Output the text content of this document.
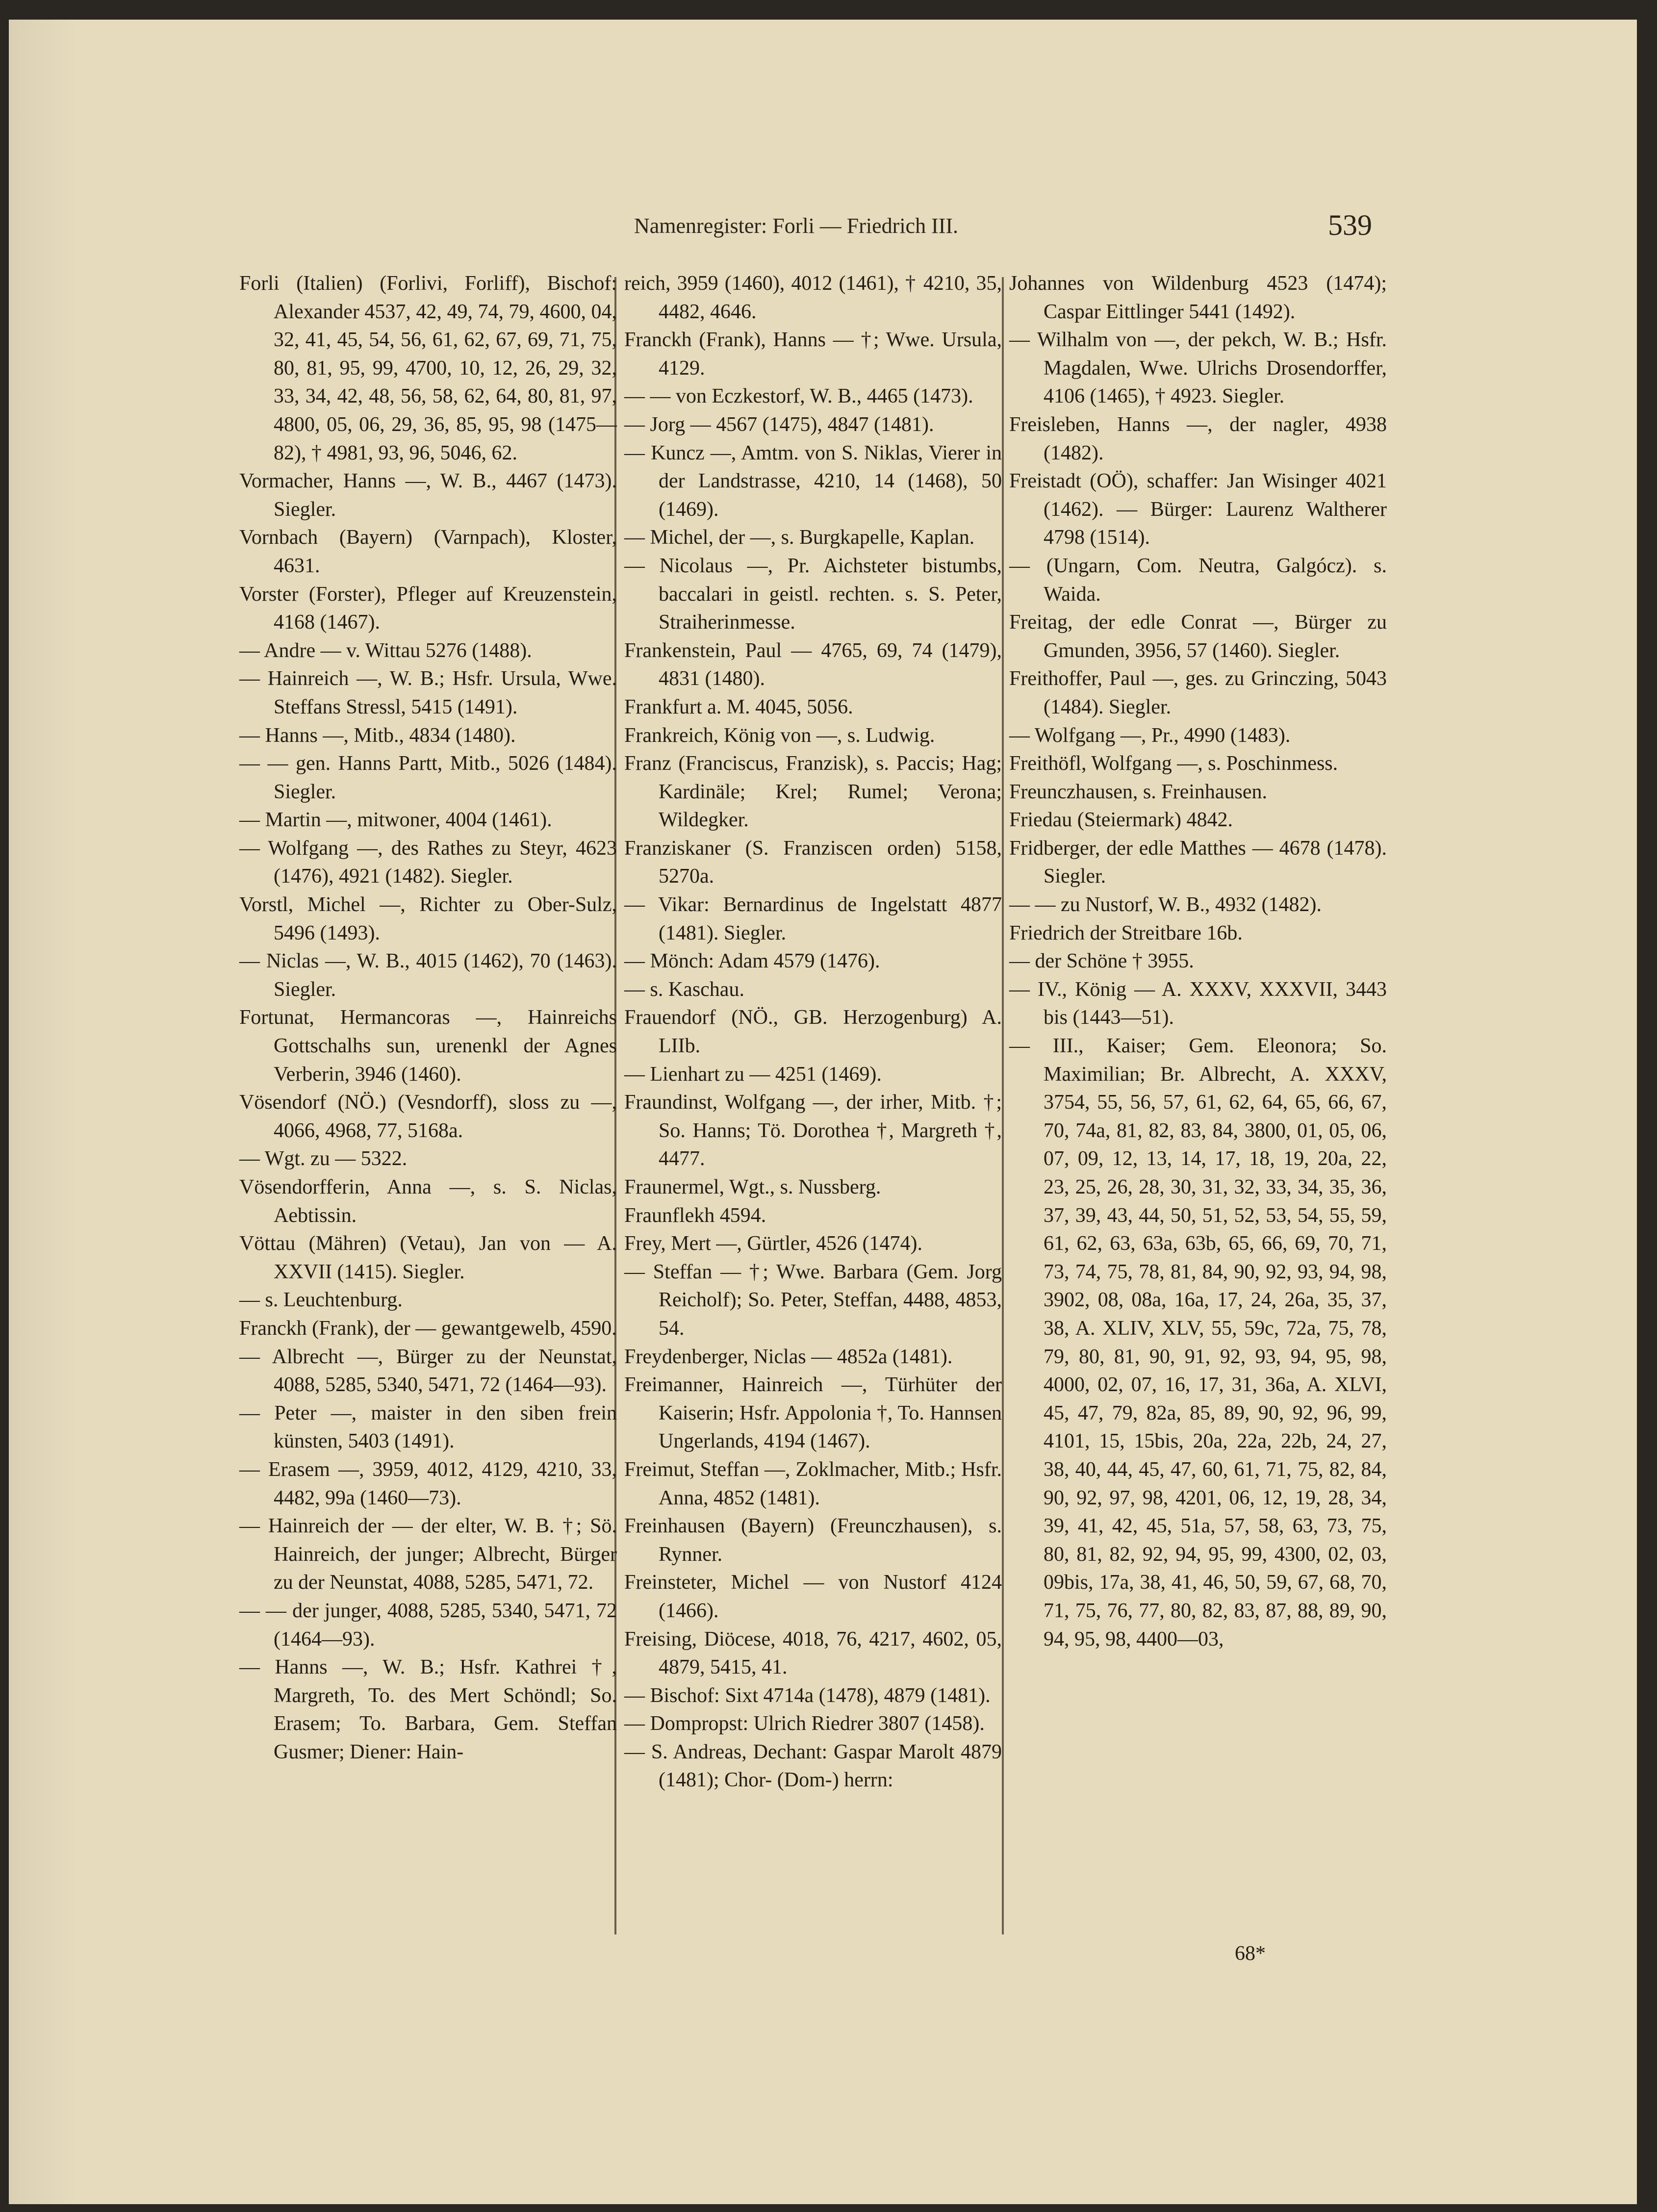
Namenregister: Forli — Friedrich III.	539
Forli (Italien) (Forlivi, Forliff), Bischof: Alexander 4537, 42, 49, 74, 79, 4600, 04, 32, 41, 45, 54, 56, 61, 62, 67, 69, 71, 75, 80, 81, 95, 99, 4700, 10, 12, 26, 29, 32, 33, 34, 42, 48, 56, 58, 62, 64, 80, 81, 97, 4800, 05, 06, 29, 36, 85, 95, 98 (1475—82), † 4981, 93, 96, 5046, 62.
Vormacher, Hanns —, W. B., 4467 (1473). Siegler.
Vornbach (Bayern) (Varnpach), Kloster, 4631.
Vorster (Forster), Pfleger auf Kreuzenstein, 4168 (1467).
— Andre — v. Wittau 5276 (1488).
— Hainreich —, W. B.; Hsfr. Ursula, Wwe. Steffans Stressl, 5415 (1491).
— Hanns —, Mitb., 4834 (1480).
— — gen. Hanns Partt, Mitb., 5026 (1484). Siegler.
— Martin —, mitwoner, 4004 (1461).
— Wolfgang —, des Rathes zu Steyr, 4623 (1476), 4921 (1482). Siegler.
Vorstl, Michel —, Richter zu Ober-Sulz, 5496 (1493).
— Niclas —, W. B., 4015 (1462), 70 (1463). Siegler.
Fortunat, Hermancoras —, Hainreichs Gottschalhs sun, urenenkl der Agnes Verberin, 3946 (1460).
Vösendorf (NÖ.) (Vesndorff), sloss zu —, 4066, 4968, 77, 5168a.
— Wgt. zu — 5322.
Vösendorfferin, Anna —, s. S. Niclas, Aebtissin.
Vöttau (Mähren) (Vetau), Jan von — A. XXVII (1415). Siegler.
— s. Leuchtenburg.
Franckh (Frank), der — gewantgewelb, 4590.
— Albrecht —, Bürger zu der Neunstat, 4088, 5285, 5340, 5471, 72 (1464—93).
— Peter —, maister in den siben frein künsten, 5403 (1491).
— Erasem —, 3959, 4012, 4129, 4210, 33, 4482, 99a (1460—73).
— Hainreich der — der elter, W. B. †; Sö. Hainreich, der junger; Albrecht, Bürger zu der Neunstat, 4088, 5285, 5471, 72.
— — der junger, 4088, 5285, 5340, 5471, 72 (1464—93).
— Hanns —, W. B.; Hsfr. Kathrei †, Margreth, To. des Mert Schöndl; So. Erasem; To. Barbara, Gem. Steffan Gusmer; Diener: Hain-
reich, 3959 (1460), 4012 (1461), † 4210, 35, 4482, 4646.
Franckh (Frank), Hanns — †; Wwe. Ursula, 4129.
— — von Eczkestorf, W. B., 4465 (1473).
— Jorg — 4567 (1475), 4847 (1481).
— Kuncz —, Amtm. von S. Niklas, Vierer in der Landstrasse, 4210, 14 (1468), 50 (1469).
— Michel, der —, s. Burgkapelle, Kaplan.
— Nicolaus —, Pr. Aichsteter bistumbs, baccalari in geistl. rechten. s. S. Peter, Straiherinmesse.
Frankenstein, Paul — 4765, 69, 74 (1479), 4831 (1480).
Frankfurt a. M. 4045, 5056.
Frankreich, König von —, s. Ludwig.
Franz (Franciscus, Franzisk), s. Paccis; Hag; Kardinäle; Krel; Rumel; Verona; Wildegker.
Franziskaner (S. Franziscen orden) 5158, 5270a.
— Vikar: Bernardinus de Ingelstatt 4877 (1481). Siegler.
— Mönch: Adam 4579 (1476).
— s. Kaschau.
Frauendorf (NÖ., GB. Herzogenburg) A. LIIb.
— Lienhart zu — 4251 (1469).
Fraundinst, Wolfgang —, der irher, Mitb. †; So. Hanns; Tö. Dorothea †, Margreth †, 4477.
Fraunermel, Wgt., s. Nussberg.
Fraunflekh 4594.
Frey, Mert —, Gürtler, 4526 (1474).
— Steffan — †; Wwe. Barbara (Gem. Jorg Reicholf); So. Peter, Steffan, 4488, 4853, 54.
Freydenberger, Niclas — 4852a (1481).
Freimanner, Hainreich —, Türhüter der Kaiserin; Hsfr. Appolonia †, To. Hannsen Ungerlands, 4194 (1467).
Freimut, Steffan —, Zoklmacher, Mitb.; Hsfr. Anna, 4852 (1481).
Freinhausen (Bayern) (Freunczhausen), s. Rynner.
Freinsteter, Michel — von Nustorf 4124 (1466).
Freising, Diöcese, 4018, 76, 4217, 4602, 05, 4879, 5415, 41.
— Bischof: Sixt 4714a (1478), 4879 (1481).
— Dompropst: Ulrich Riedrer 3807 (1458).
— S. Andreas, Dechant: Gaspar Marolt 4879 (1481); Chor- (Dom-) herrn:
Johannes von Wildenburg 4523 (1474); Caspar Eittlinger 5441 (1492).
— Wilhalm von —, der pekch, W. B.; Hsfr. Magdalen, Wwe. Ulrichs Drosendorffer, 4106 (1465), † 4923. Siegler.
Freisleben, Hanns —, der nagler, 4938 (1482).
Freistadt (OÖ), schaffer: Jan Wisinger 4021 (1462). — Bürger: Laurenz Waltherer 4798 (1514).
— (Ungarn, Com. Neutra, Galgócz). s. Waida.
Freitag, der edle Conrat —, Bürger zu Gmunden, 3956, 57 (1460). Siegler.
Freithoffer, Paul —, ges. zu Grinczing, 5043 (1484). Siegler.
— Wolfgang —, Pr., 4990 (1483).
Freithöfl, Wolfgang —, s. Poschinmess.
Freunczhausen, s. Freinhausen.
Friedau (Steiermark) 4842.
Fridberger, der edle Matthes — 4678 (1478). Siegler.
— — zu Nustorf, W. B., 4932 (1482).
Friedrich der Streitbare 16b.
— der Schöne † 3955.
— IV., König — A. XXXV, XXXVII, 3443 bis (1443—51).
— III., Kaiser; Gem. Eleonora; So. Maximilian; Br. Albrecht, A. XXXV, 3754, 55, 56, 57, 61, 62, 64, 65, 66, 67, 70, 74a, 81, 82, 83, 84, 3800, 01, 05, 06, 07, 09, 12, 13, 14, 17, 18, 19, 20a, 22, 23, 25, 26, 28, 30, 31, 32, 33, 34, 35, 36, 37, 39, 43, 44, 50, 51, 52, 53, 54, 55, 59, 61, 62, 63, 63a, 63b, 65, 66, 69, 70, 71, 73, 74, 75, 78, 81, 84, 90, 92, 93, 94, 98, 3902, 08, 08a, 16a, 17, 24, 26a, 35, 37, 38, A. XLIV, XLV, 55, 59c, 72a, 75, 78, 79, 80, 81, 90, 91, 92, 93, 94, 95, 98, 4000, 02, 07, 16, 17, 31, 36a, A. XLVI, 45, 47, 79, 82a, 85, 89, 90, 92, 96, 99, 4101, 15, 15bis, 20a, 22a, 22b, 24, 27, 38, 40, 44, 45, 47, 60, 61, 71, 75, 82, 84, 90, 92, 97, 98, 4201, 06, 12, 19, 28, 34, 39, 41, 42, 45, 51a, 57, 58, 63, 73, 75, 80, 81, 82, 92, 94, 95, 99, 4300, 02, 03, 09bis, 17a, 38, 41, 46, 50, 59, 67, 68, 70, 71, 75, 76, 77, 80, 82, 83, 87, 88, 89, 90, 94, 95, 98, 4400—03,
68*
